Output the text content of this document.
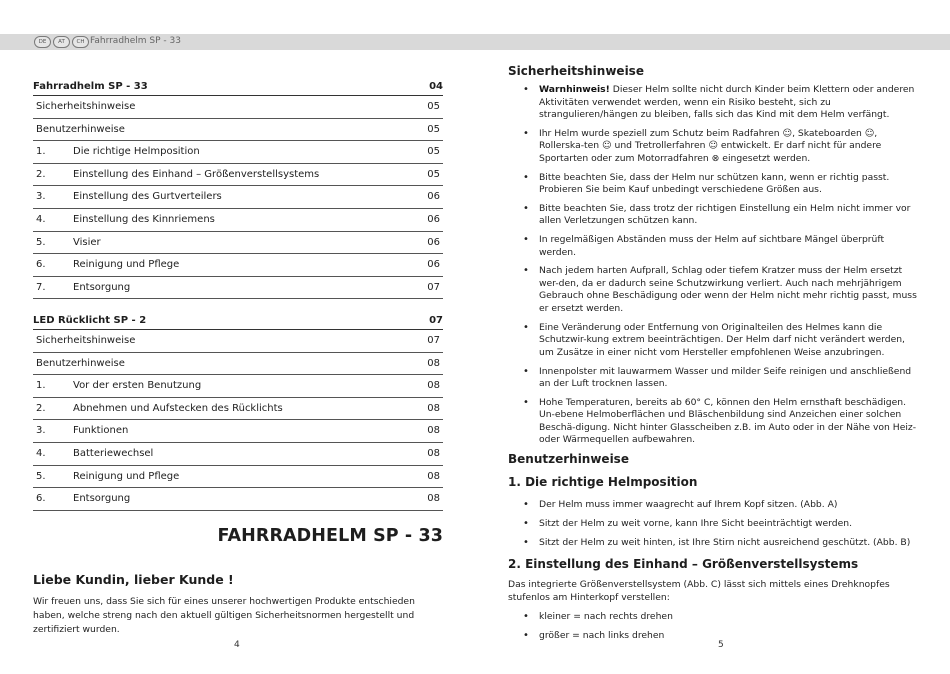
DE	AT	CH Fahrradhelm SP - 33
Fahrradhelm SP - 33	04
Sicherheitshinweise	05
Benutzerhinweise	05
1.	Die richtige Helmposition	05
2.	Einstellung des Einhand – Größenverstellsystems	05
3.	Einstellung des Gurtverteilers	06
4.	Einstellung des Kinnriemens	06
5.	Visier	06
6.	Reinigung und Pflege	06
7.	Entsorgung	07
LED Rücklicht SP - 2	07
Sicherheitshinweise	07
Benutzerhinweise	08
1.	Vor der ersten Benutzung	08
2.	Abnehmen und Aufstecken des Rücklichts	08
3.	Funktionen	08
4.	Batteriewechsel	08
5.	Reinigung und Pflege	08
6.	Entsorgung	08
FAHRRADHELM SP - 33
Liebe Kundin, lieber Kunde !
Wir freuen uns, dass Sie sich für eines unserer hochwertigen Produkte entschieden haben, welche streng nach den aktuell gültigen Sicherheitsnormen hergestellt und zertifiziert wurden.
4
Sicherheitshinweise
• Warnhinweis! Dieser Helm sollte nicht durch Kinder beim Klettern oder anderen Aktivitäten verwendet werden, wenn ein Risiko besteht, sich zu strangulieren/hängen zu bleiben, falls sich das Kind mit dem Helm verfängt.
• Ihr Helm wurde speziell zum Schutz beim Radfahren ☺, Skateboarden ☺, Rollerska-ten ☺ und Tretrollerfahren ☺ entwickelt. Er darf nicht für andere Sportarten oder zum Motorradfahren ⊗ eingesetzt werden.
• Bitte beachten Sie, dass der Helm nur schützen kann, wenn er richtig passt. Probieren Sie beim Kauf unbedingt verschiedene Größen aus.
• Bitte beachten Sie, dass trotz der richtigen Einstellung ein Helm nicht immer vor allen Verletzungen schützen kann.
• In regelmäßigen Abständen muss der Helm auf sichtbare Mängel überprüft werden.
• Nach jedem harten Aufprall, Schlag oder tiefem Kratzer muss der Helm ersetzt wer-den, da er dadurch seine Schutzwirkung verliert. Auch nach mehrjährigem Gebrauch ohne Beschädigung oder wenn der Helm nicht mehr richtig passt, muss er ersetzt werden.
• Eine Veränderung oder Entfernung von Originalteilen des Helmes kann die Schutzwir-kung extrem beeinträchtigen. Der Helm darf nicht verändert werden, um Zusätze in einer nicht vom Hersteller empfohlenen Weise anzubringen.
• Innenpolster mit lauwarmem Wasser und milder Seife reinigen und anschließend an der Luft trocknen lassen.
• Hohe Temperaturen, bereits ab 60° C, können den Helm ernsthaft beschädigen. Un-ebene Helmoberflächen und Bläschenbildung sind Anzeichen einer solchen Beschä-digung. Nicht hinter Glasscheiben z.B. im Auto oder in der Nähe von Heiz- oder Wärmequellen aufbewahren.
Benutzerhinweise
1. Die richtige Helmposition
• Der Helm muss immer waagrecht auf Ihrem Kopf sitzen. (Abb. A)
• Sitzt der Helm zu weit vorne, kann Ihre Sicht beeinträchtigt werden.
• Sitzt der Helm zu weit hinten, ist Ihre Stirn nicht ausreichend geschützt. (Abb. B)
2. Einstellung des Einhand – Größenverstellsystems
Das integrierte Größenverstellsystem (Abb. C) lässt sich mittels eines Drehknopfes stufenlos am Hinterkopf verstellen:
• kleiner = nach rechts drehen
• größer = nach links drehen
5
